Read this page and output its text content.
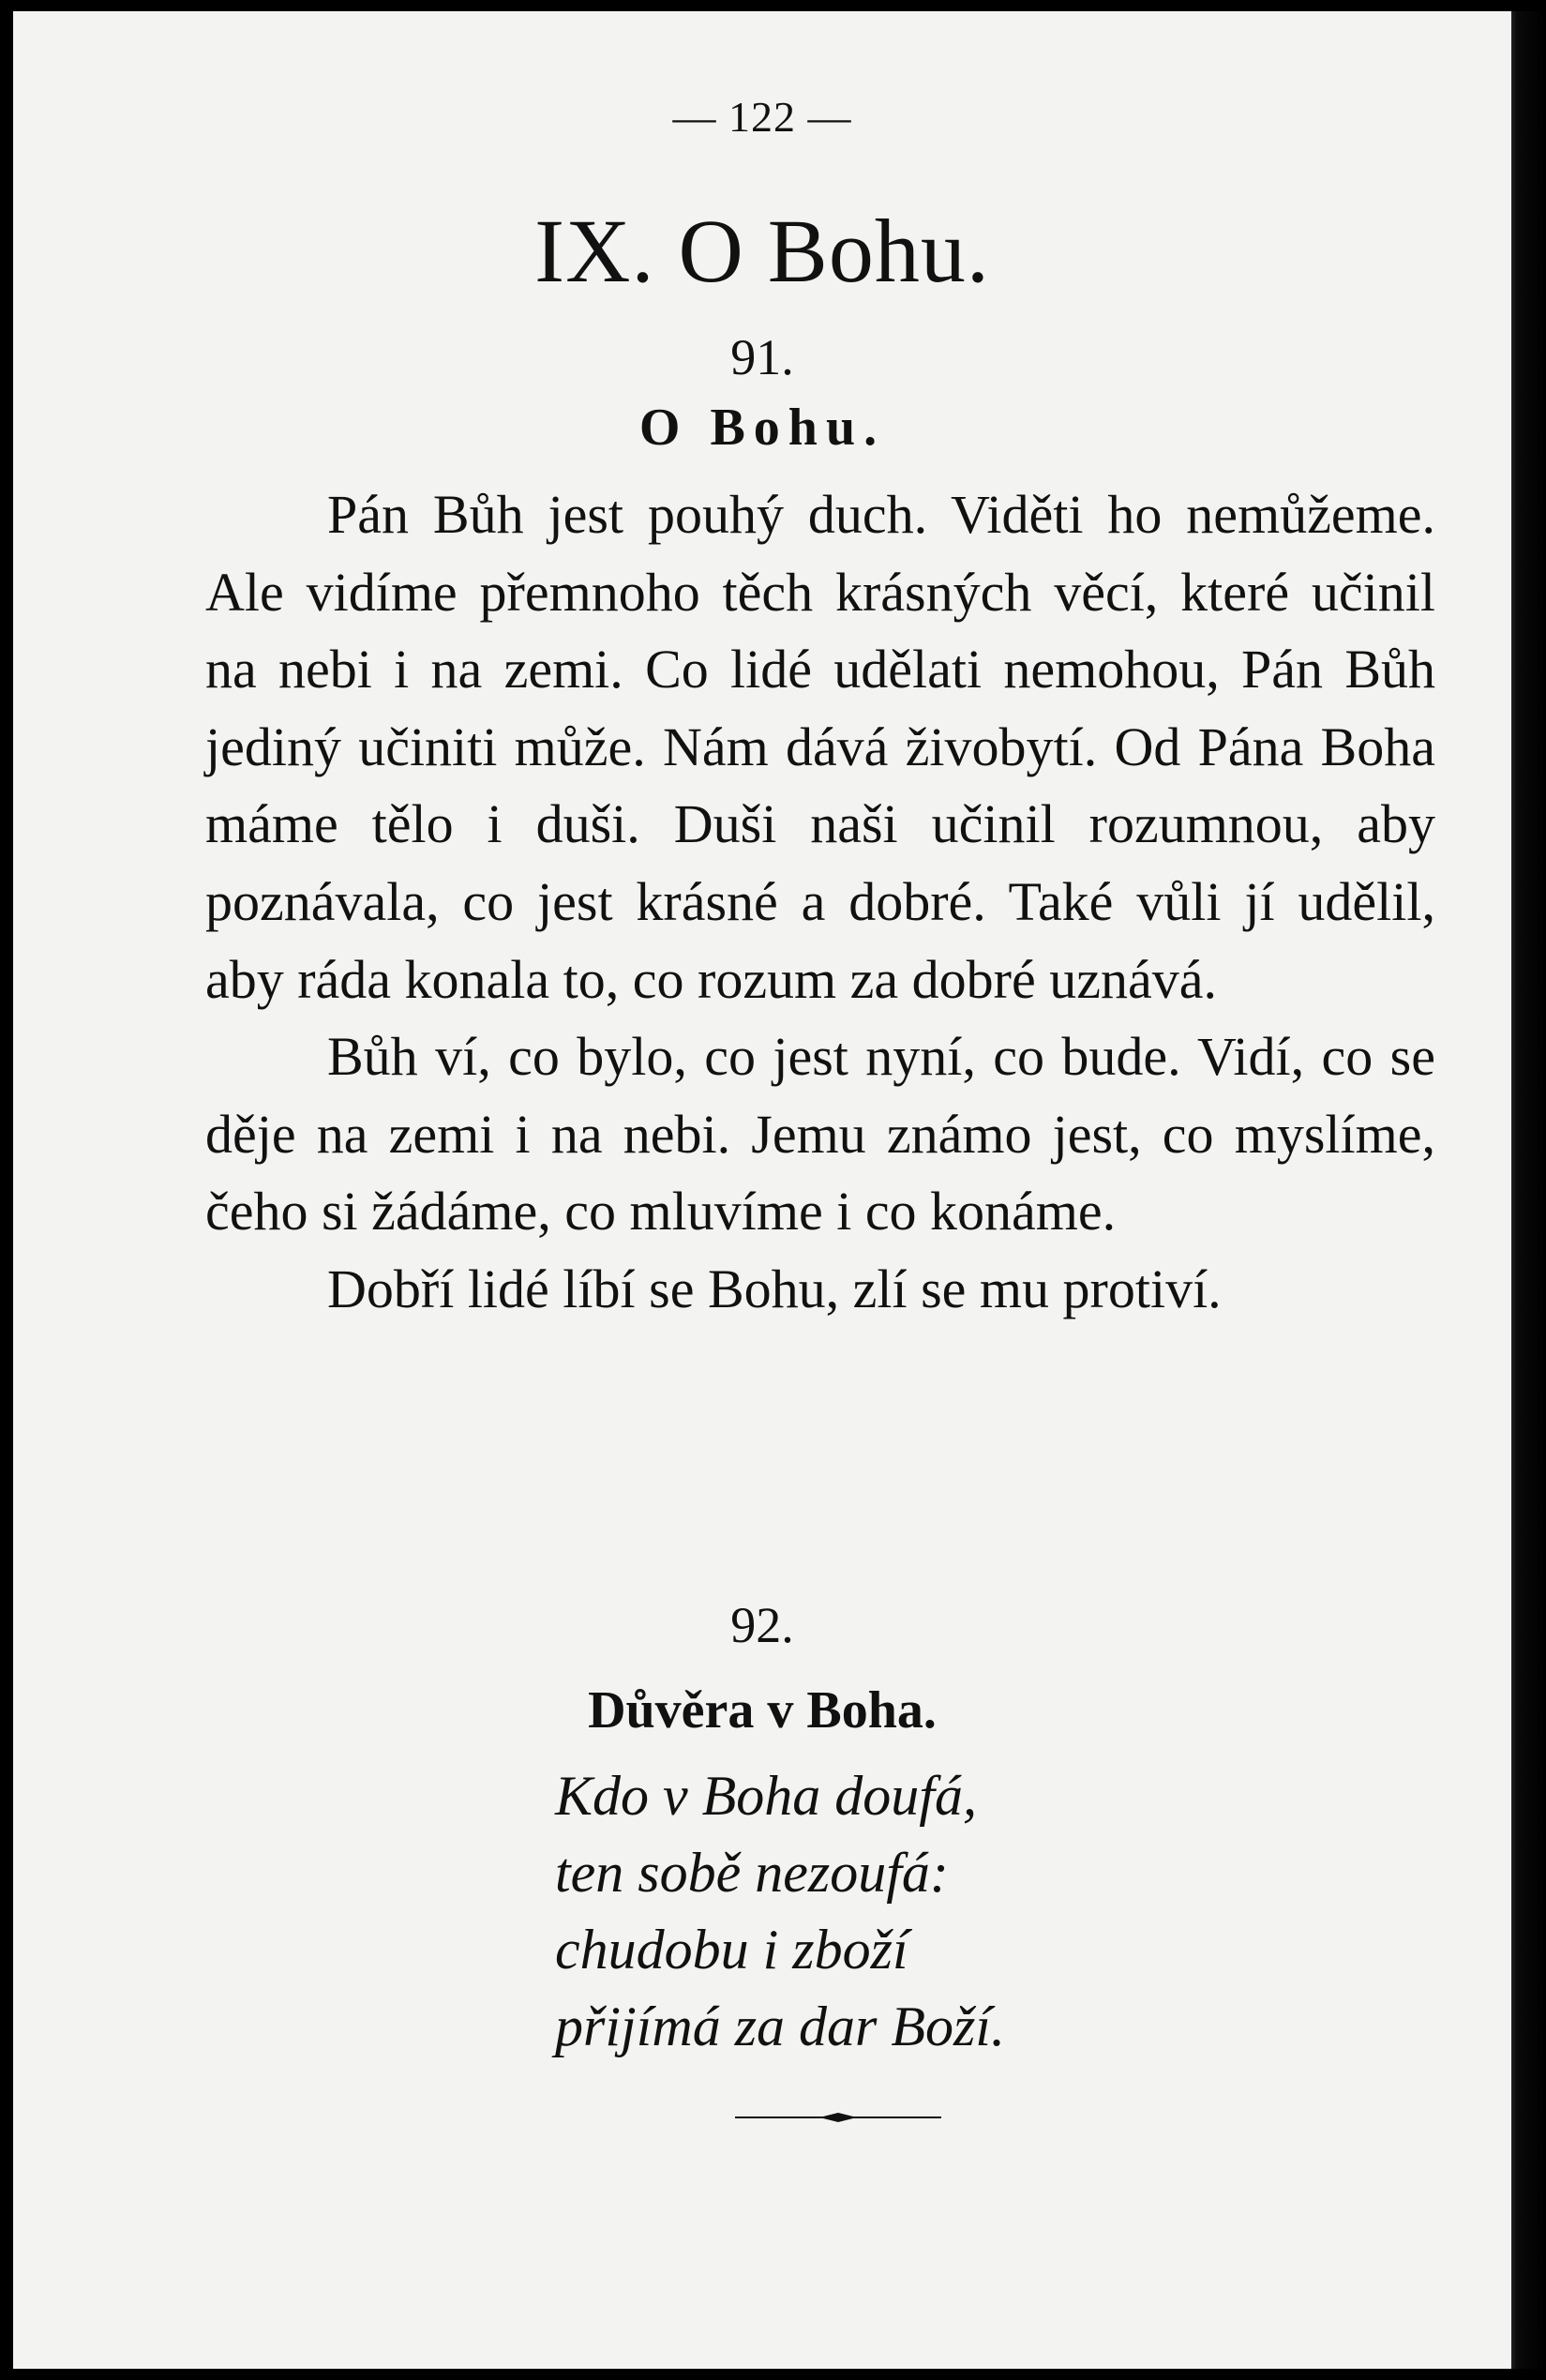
— 122 —
IX. O Bohu.
91.
O Bohu.

Pán Bůh jest pouhý duch. Viděti ho nemůžeme. Ale vidíme přemnoho těch krásných věcí, které učinil na nebi i na zemi. Co lidé udělati nemohou, Pán Bůh jediný učiniti může. Nám dává živobytí. Od Pána Boha máme tělo i duši. Duši naši učinil rozumnou, aby poznávala, co jest krásné a dobré. Také vůli jí udělil, aby ráda konala to, co rozum za dobré uznává.

Bůh ví, co bylo, co jest nyní, co bude. Vidí, co se děje na zemi i na nebi. Jemu známo jest, co myslíme, čeho si žádáme, co mluvíme i co konáme.

Dobří lidé líbí se Bohu, zlí se mu protiví.

92.
Důvěra v Boha.
Kdo v Boha doufá,
ten sobě nezoufá:
chudobu i zboží
přijímá za dar Boží.
